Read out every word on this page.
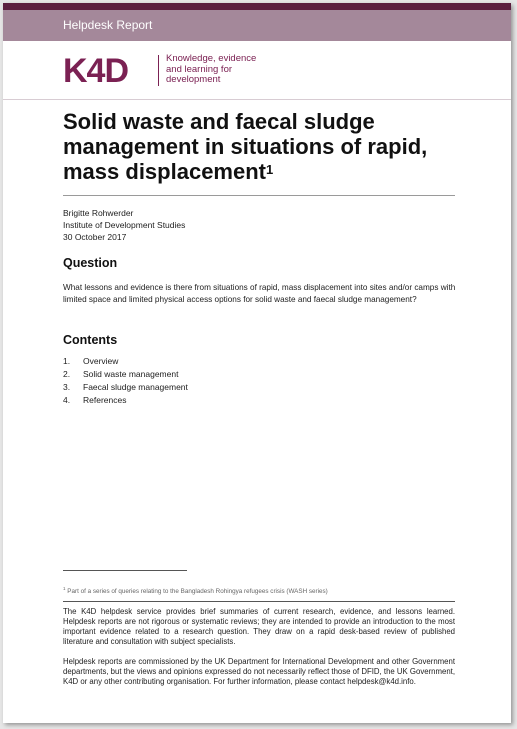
Helpdesk Report
K4D	Knowledge, evidence
and learning for
development
Solid waste and faecal sludge management in situations of rapid, mass displacement$^1$
Brigitte Rohwerder
Institute of Development Studies
30 October 2017
Question

What lessons and evidence is there from situations of rapid, mass displacement into sites and/or camps with limited space and limited physical access options for solid waste and faecal sludge management?

Contents
1.	Overview
2.	Solid waste management
3.	Faecal sludge management
4.	References
$^1$ Part of a series of queries relating to the Bangladesh Rohingya refugees crisis (WASH series)

The K4D helpdesk service provides brief summaries of current research, evidence, and lessons learned. Helpdesk reports are not rigorous or systematic reviews; they are intended to provide an introduction to the most important evidence related to a research question. They draw on a rapid desk-based review of published literature and consultation with subject specialists.

Helpdesk reports are commissioned by the UK Department for International Development and other Government departments, but the views and opinions expressed do not necessarily reflect those of DFID, the UK Government, K4D or any other contributing organisation. For further information, please contact helpdesk@k4d.info.
